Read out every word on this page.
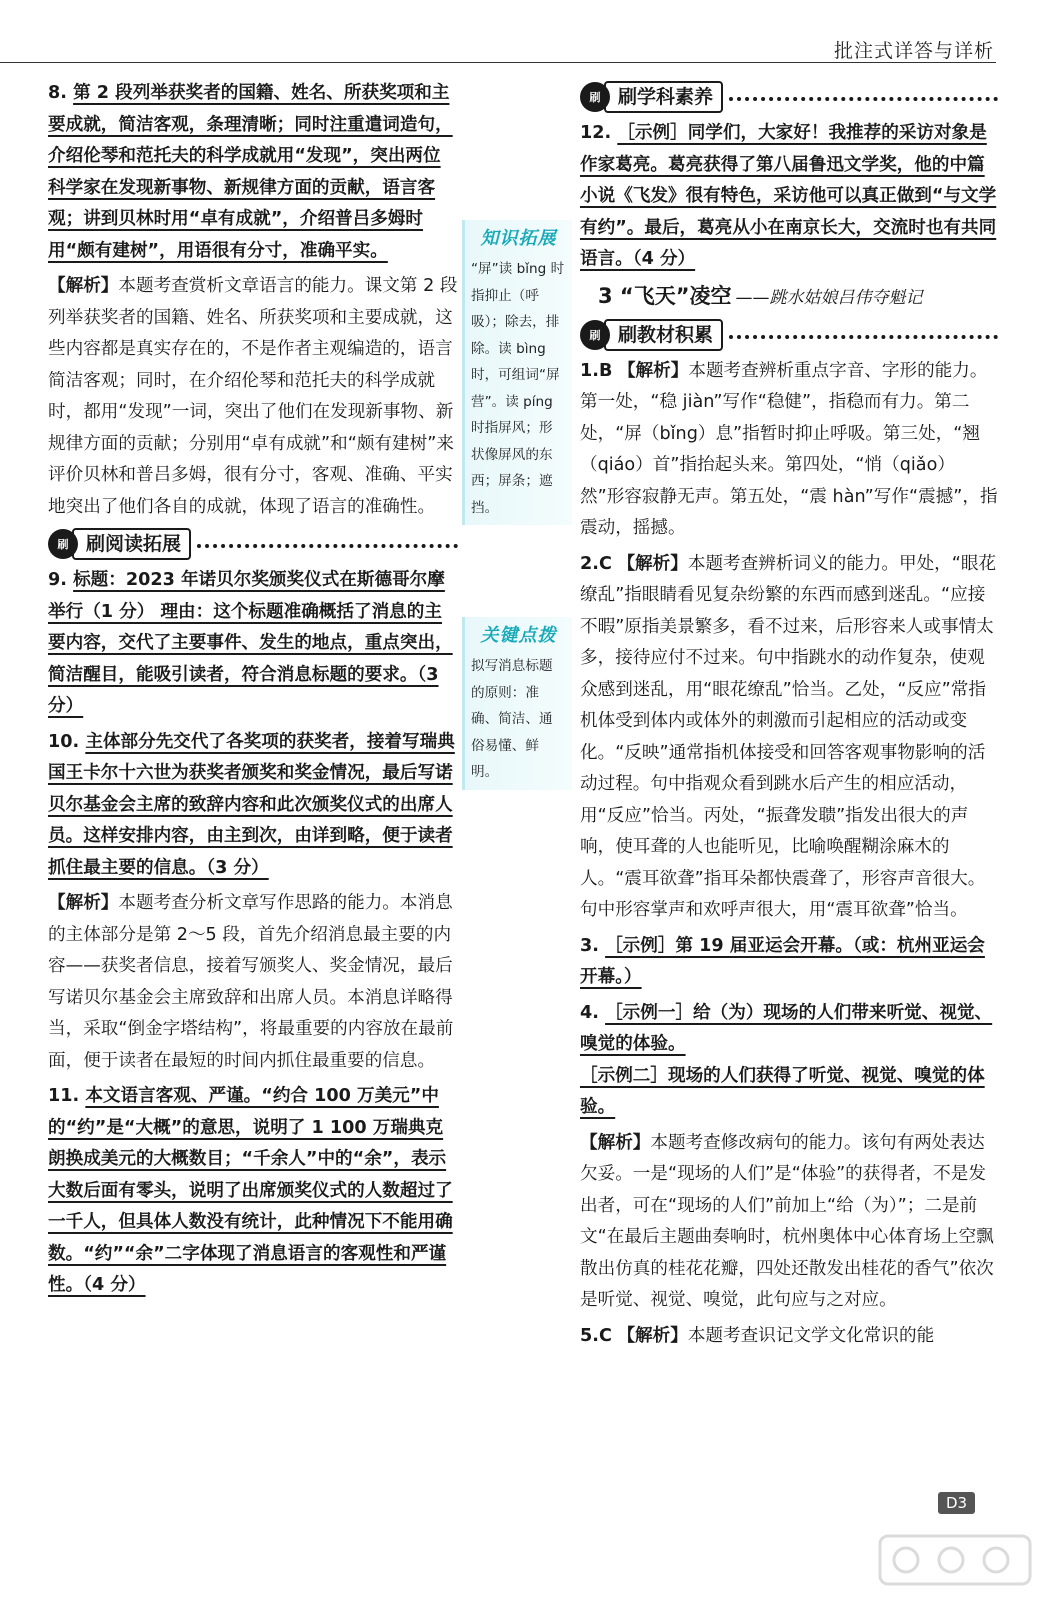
批注式详答与详析
8. 第 2 段列举获奖者的国籍、姓名、所获奖项和主要成就，简洁客观，条理清晰；同时注重遣词造句，介绍伦琴和范托夫的科学成就用“发现”，突出两位科学家在发现新事物、新规律方面的贡献，语言客观；讲到贝林时用“卓有成就”，介绍普吕多姆时用“颇有建树”，用语很有分寸，准确平实。
【解析】本题考查赏析文章语言的能力。课文第 2 段列举获奖者的国籍、姓名、所获奖项和主要成就，这些内容都是真实存在的，不是作者主观编造的，语言简洁客观；同时，在介绍伦琴和范托夫的科学成就时，都用“发现”一词，突出了他们在发现新事物、新规律方面的贡献；分别用“卓有成就”和“颇有建树”来评价贝林和普吕多姆，很有分寸，客观、准确、平实地突出了他们各自的成就，体现了语言的准确性。
刷 刷阅读拓展
9. 标题：2023 年诺贝尔奖颁奖仪式在斯德哥尔摩举行（1 分） 理由：这个标题准确概括了消息的主要内容，交代了主要事件、发生的地点，重点突出，简洁醒目，能吸引读者，符合消息标题的要求。（3 分）
10. 主体部分先交代了各奖项的获奖者，接着写瑞典国王卡尔十六世为获奖者颁奖和奖金情况，最后写诺贝尔基金会主席的致辞内容和此次颁奖仪式的出席人员。这样安排内容，由主到次，由详到略，便于读者抓住最主要的信息。（3 分）
【解析】本题考查分析文章写作思路的能力。本消息的主体部分是第 2～5 段，首先介绍消息最主要的内容——获奖者信息，接着写颁奖人、奖金情况，最后写诺贝尔基金会主席致辞和出席人员。本消息详略得当，采取“倒金字塔结构”，将最重要的内容放在最前面，便于读者在最短的时间内抓住最重要的信息。
11. 本文语言客观、严谨。“约合 100 万美元”中的“约”是“大概”的意思，说明了 1 100 万瑞典克朗换成美元的大概数目；“千余人”中的“余”，表示大数后面有零头，说明了出席颁奖仪式的人数超过了一千人，但具体人数没有统计，此种情况下不能用确数。“约”“余”二字体现了消息语言的客观性和严谨性。（4 分）
知识拓展
“屏”读 bǐng 时指抑止（呼吸）；除去，排除。读 bìng 时，可组词“屏营”。读 píng 时指屏风；形状像屏风的东西；屏条；遮挡。
关键点拨
拟写消息标题的原则：准确、简洁、通俗易懂、鲜明。
刷 刷学科素养
12. ［示例］同学们，大家好！我推荐的采访对象是作家葛亮。葛亮获得了第八届鲁迅文学奖，他的中篇小说《飞发》很有特色，采访他可以真正做到“与文学有约”。最后，葛亮从小在南京长大，交流时也有共同语言。（4 分）
3 “飞天”凌空 ——跳水姑娘吕伟夺魁记
刷 刷教材积累
1.B 【解析】本题考查辨析重点字音、字形的能力。第一处，“稳 jiàn”写作“稳健”，指稳而有力。第二处，“屏（bǐng）息”指暂时抑止呼吸。第三处，“翘（qiáo）首”指抬起头来。第四处，“悄（qiǎo）然”形容寂静无声。第五处，“震 hàn”写作“震撼”，指震动，摇撼。
2.C 【解析】本题考查辨析词义的能力。甲处，“眼花缭乱”指眼睛看见复杂纷繁的东西而感到迷乱。“应接不暇”原指美景繁多，看不过来，后形容来人或事情太多，接待应付不过来。句中指跳水的动作复杂，使观众感到迷乱，用“眼花缭乱”恰当。乙处，“反应”常指机体受到体内或体外的刺激而引起相应的活动或变化。“反映”通常指机体接受和回答客观事物影响的活动过程。句中指观众看到跳水后产生的相应活动，用“反应”恰当。丙处，“振聋发聩”指发出很大的声响，使耳聋的人也能听见，比喻唤醒糊涂麻木的人。“震耳欲聋”指耳朵都快震聋了，形容声音很大。句中形容掌声和欢呼声很大，用“震耳欲聋”恰当。
3. ［示例］第 19 届亚运会开幕。（或：杭州亚运会开幕。）
4. ［示例一］给（为）现场的人们带来听觉、视觉、嗅觉的体验。
［示例二］现场的人们获得了听觉、视觉、嗅觉的体验。
【解析】本题考查修改病句的能力。该句有两处表达欠妥。一是“现场的人们”是“体验”的获得者，不是发出者，可在“现场的人们”前加上“给（为）”；二是前文“在最后主题曲奏响时，杭州奥体中心体育场上空飘散出仿真的桂花花瓣，四处还散发出桂花的香气”依次是听觉、视觉、嗅觉，此句应与之对应。
5.C 【解析】本题考查识记文学文化常识的能
D3
